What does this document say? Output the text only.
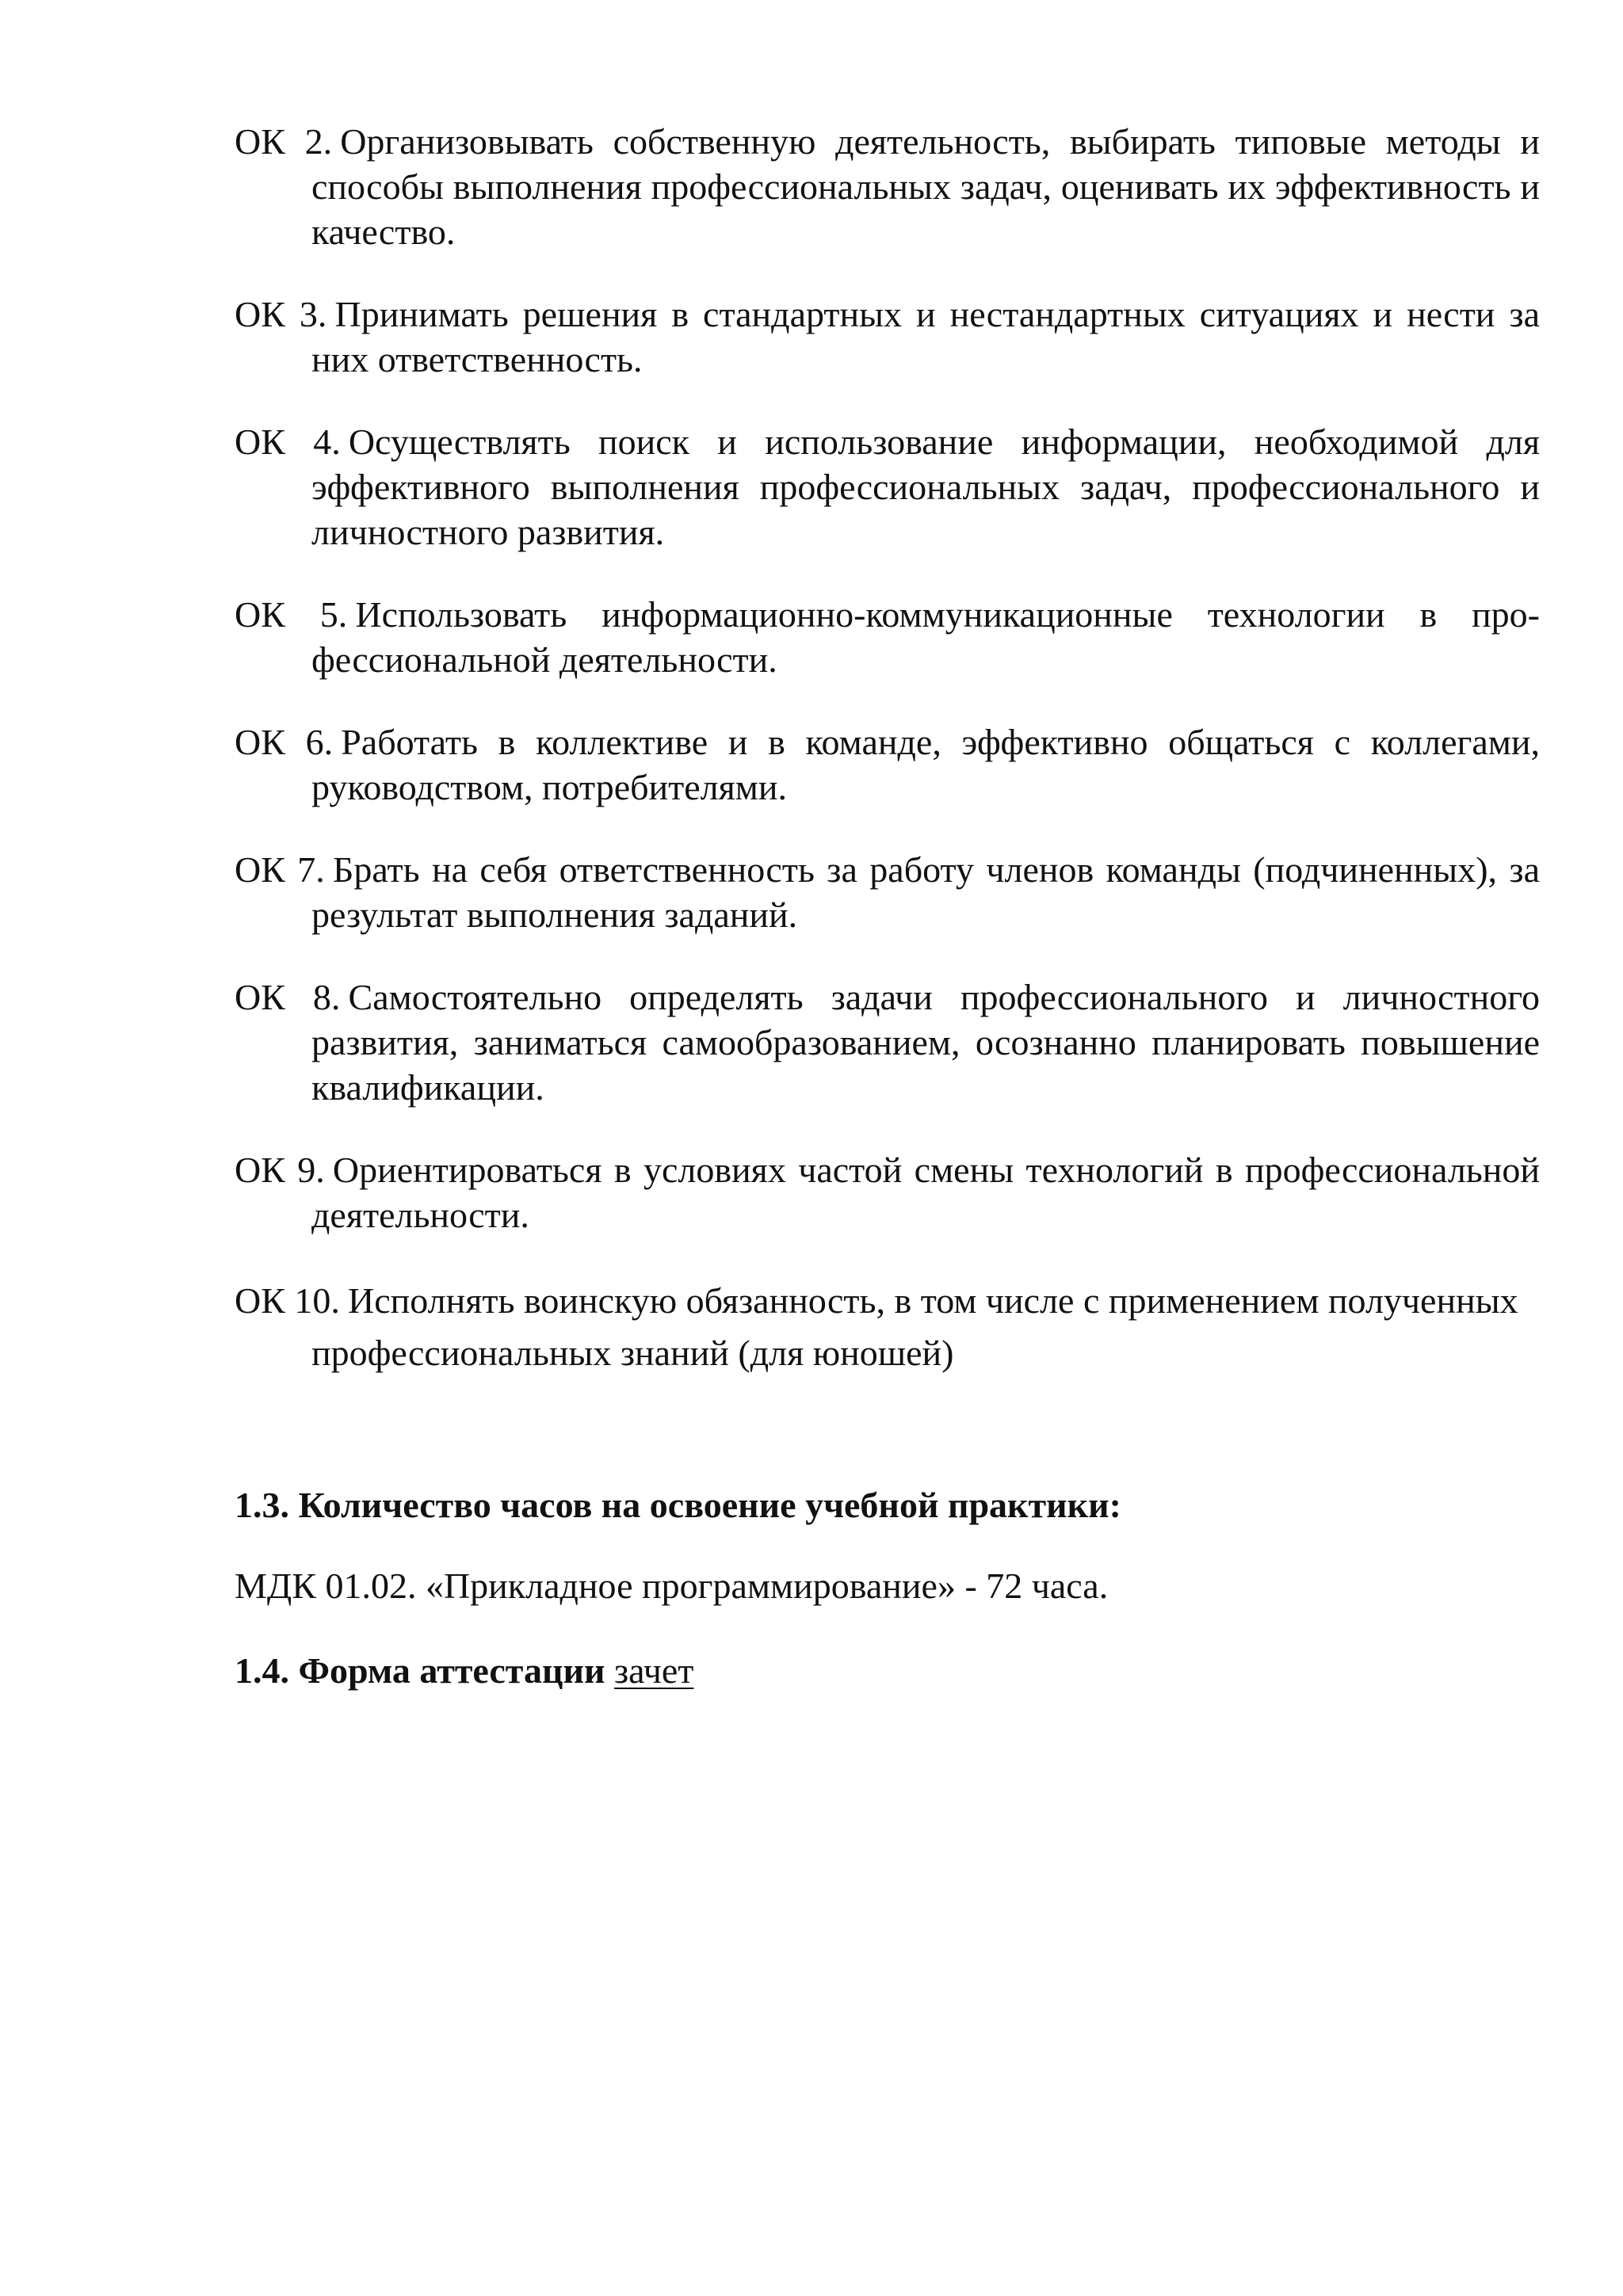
ОК 2. Организовывать собственную деятельность, выбирать типовые методы и способы выполнения профессиональных задач, оценивать их эффективность и качество.

ОК 3. Принимать решения в стандартных и нестандартных ситуациях и нести за них ответственность.

ОК 4. Осуществлять поиск и использование информации, необходимой для эффективного выполнения профессиональных задач, профессионального и личностного развития.

ОК 5. Использовать информационно-коммуникационные технологии в профессиональной деятельности.

ОК 6. Работать в коллективе и в команде, эффективно общаться с коллегами, руководством, потребителями.

ОК 7. Брать на себя ответственность за работу членов команды (подчиненных), за результат выполнения заданий.

ОК 8. Самостоятельно определять задачи профессионального и личностного развития, заниматься самообразованием, осознанно планировать повышение квалификации.

ОК 9. Ориентироваться в условиях частой смены технологий в профессиональной деятельности.

ОК 10. Исполнять воинскую обязанность, в том числе с применением полученных профессиональных знаний (для юношей)

1.3. Количество часов на освоение учебной практики:

МДК 01.02. «Прикладное программирование» - 72 часа.

1.4. Форма аттестации зачет
